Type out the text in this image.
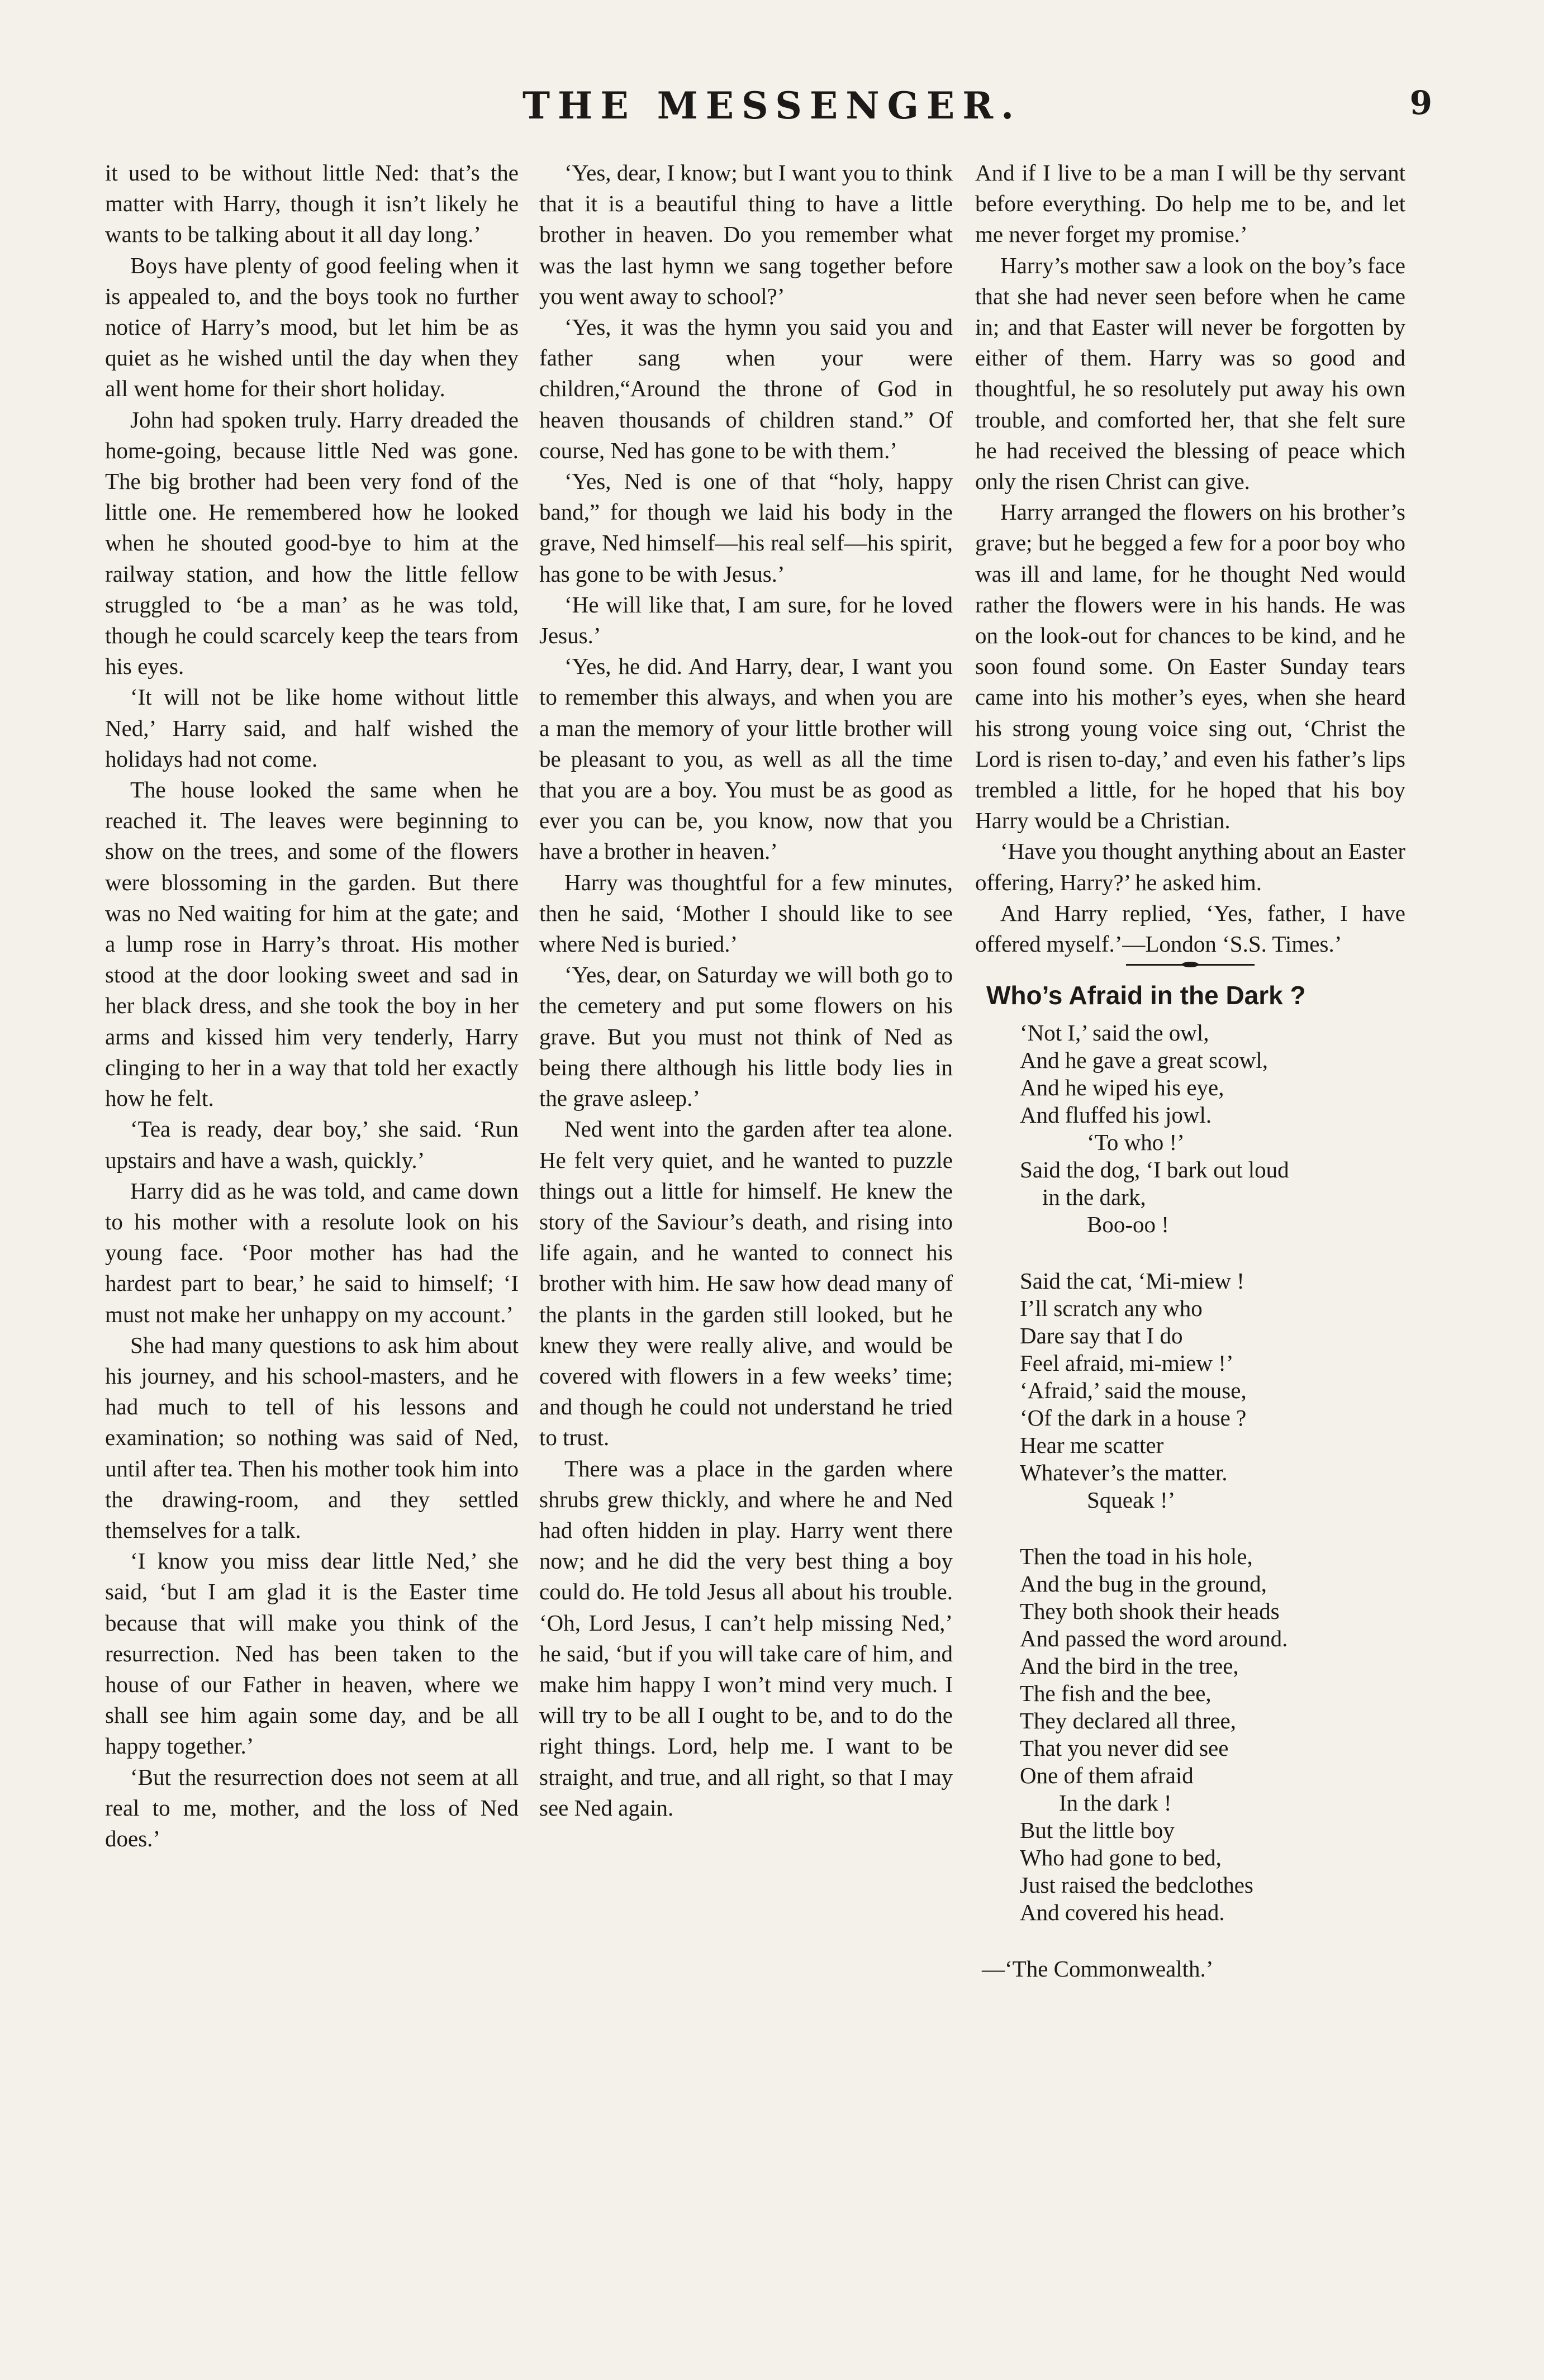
THE MESSENGER.	9

it used to be without little Ned: that’s the matter with Harry, though it isn’t likely he wants to be talking about it all day long.’

Boys have plenty of good feeling when it is appealed to, and the boys took no further notice of Harry’s mood, but let him be as quiet as he wished until the day when they all went home for their short holiday.

John had spoken truly. Harry dreaded the home-going, because little Ned was gone. The big brother had been very fond of the little one. He remembered how he looked when he shouted good-bye to him at the railway station, and how the little fellow struggled to ‘be a man’ as he was told, though he could scarcely keep the tears from his eyes.

‘It will not be like home without little Ned,’ Harry said, and half wished the holidays had not come.

The house looked the same when he reached it. The leaves were beginning to show on the trees, and some of the flowers were blossoming in the garden. But there was no Ned waiting for him at the gate; and a lump rose in Harry’s throat. His mother stood at the door looking sweet and sad in her black dress, and she took the boy in her arms and kissed him very tenderly, Harry clinging to her in a way that told her exactly how he felt.

‘Tea is ready, dear boy,’ she said. ‘Run upstairs and have a wash, quickly.’

Harry did as he was told, and came down to his mother with a resolute look on his young face. ‘Poor mother has had the hardest part to bear,’ he said to himself; ‘I must not make her unhappy on my account.’

She had many questions to ask him about his journey, and his school-masters, and he had much to tell of his lessons and examination; so nothing was said of Ned, until after tea. Then his mother took him into the drawing-room, and they settled themselves for a talk.

‘I know you miss dear little Ned,’ she said, ‘but I am glad it is the Easter time because that will make you think of the resurrection. Ned has been taken to the house of our Father in heaven, where we shall see him again some day, and be all happy together.’

‘But the resurrection does not seem at all real to me, mother, and the loss of Ned does.’

‘Yes, dear, I know; but I want you to think that it is a beautiful thing to have a little brother in heaven. Do you remember what was the last hymn we sang together before you went away to school?’

‘Yes, it was the hymn you said you and father sang when your were children,“Around the throne of God in heaven thousands of children stand.” Of course, Ned has gone to be with them.’

‘Yes, Ned is one of that “holy, happy band,” for though we laid his body in the grave, Ned himself—his real self—his spirit, has gone to be with Jesus.’

‘He will like that, I am sure, for he loved Jesus.’

‘Yes, he did. And Harry, dear, I want you to remember this always, and when you are a man the memory of your little brother will be pleasant to you, as well as all the time that you are a boy. You must be as good as ever you can be, you know, now that you have a brother in heaven.’

Harry was thoughtful for a few minutes, then he said, ‘Mother I should like to see where Ned is buried.’

‘Yes, dear, on Saturday we will both go to the cemetery and put some flowers on his grave. But you must not think of Ned as being there although his little body lies in the grave asleep.’

Ned went into the garden after tea alone. He felt very quiet, and he wanted to puzzle things out a little for himself. He knew the story of the Saviour’s death, and rising into life again, and he wanted to connect his brother with him. He saw how dead many of the plants in the garden still looked, but he knew they were really alive, and would be covered with flowers in a few weeks’ time; and though he could not understand he tried to trust.

There was a place in the garden where shrubs grew thickly, and where he and Ned had often hidden in play. Harry went there now; and he did the very best thing a boy could do. He told Jesus all about his trouble. ‘Oh, Lord Jesus, I can’t help missing Ned,’ he said, ‘but if you will take care of him, and make him happy I won’t mind very much. I will try to be all I ought to be, and to do the right things. Lord, help me. I want to be straight, and true, and all right, so that I may see Ned again.

And if I live to be a man I will be thy servant before everything. Do help me to be, and let me never forget my promise.’

Harry’s mother saw a look on the boy’s face that she had never seen before when he came in; and that Easter will never be forgotten by either of them. Harry was so good and thoughtful, he so resolutely put away his own trouble, and comforted her, that she felt sure he had received the blessing of peace which only the risen Christ can give.

Harry arranged the flowers on his brother’s grave; but he begged a few for a poor boy who was ill and lame, for he thought Ned would rather the flowers were in his hands. He was on the look-out for chances to be kind, and he soon found some. On Easter Sunday tears came into his mother’s eyes, when she heard his strong young voice sing out, ‘Christ the Lord is risen to-day,’ and even his father’s lips trembled a little, for he hoped that his boy Harry would be a Christian.

‘Have you thought anything about an Easter offering, Harry?’ he asked him.

And Harry replied, ‘Yes, father, I have offered myself.’—London ‘S.S. Times.’

Who’s Afraid in the Dark ?
‘Not I,’ said the owl,
And he gave a great scowl,
And he wiped his eye,
And fluffed his jowl.
‘To who !’
Said the dog, ‘I bark out loud
in the dark,
Boo-oo !
Said the cat, ‘Mi-miew !
I’ll scratch any who
Dare say that I do
Feel afraid, mi-miew !’
‘Afraid,’ said the mouse,
‘Of the dark in a house ?
Hear me scatter
Whatever’s the matter.
Squeak !’
Then the toad in his hole,
And the bug in the ground,
They both shook their heads
And passed the word around.
And the bird in the tree,
The fish and the bee,
They declared all three,
That you never did see
One of them afraid
In the dark !
But the little boy
Who had gone to bed,
Just raised the bedclothes
And covered his head.
—‘The Commonwealth.’
